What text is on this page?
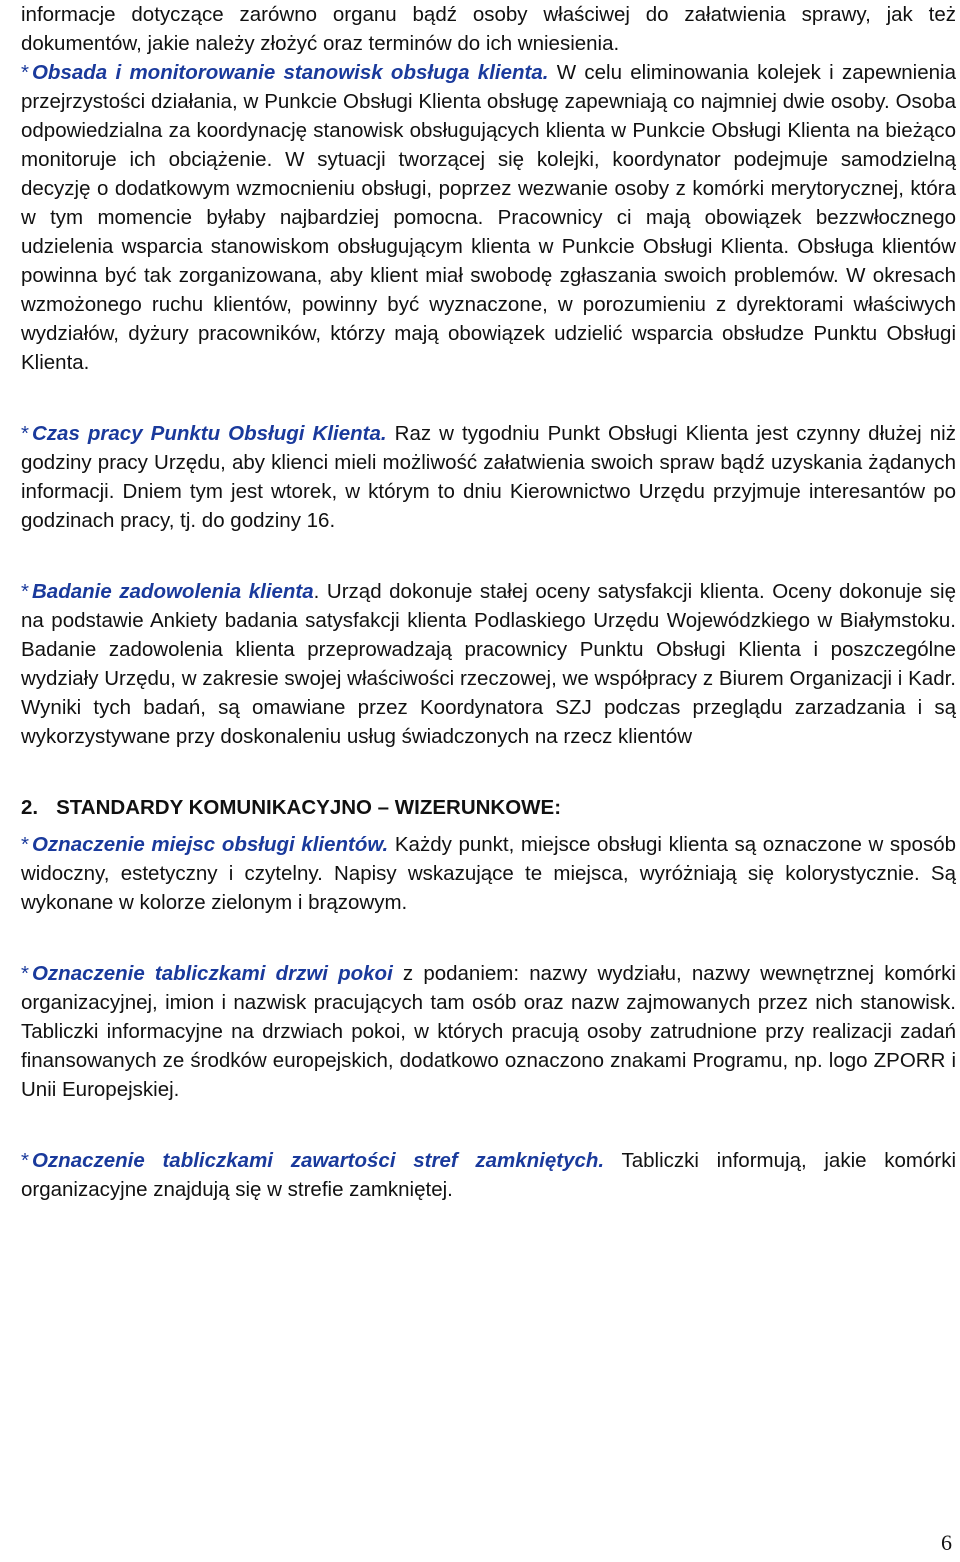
informacje dotyczące zarówno organu bądź osoby właściwej do załatwienia sprawy, jak też dokumentów, jakie należy złożyć oraz terminów do ich wniesienia.

* Obsada i monitorowanie stanowisk obsługa klienta. W celu eliminowania kolejek i zapewnienia przejrzystości działania, w Punkcie Obsługi Klienta obsługę zapewniają co najmniej dwie osoby. Osoba odpowiedzialna za koordynację stanowisk obsługujących klienta w Punkcie Obsługi Klienta na bieżąco monitoruje ich obciążenie. W sytuacji tworzącej się kolejki, koordynator podejmuje samodzielną decyzję o dodatkowym wzmocnieniu obsługi, poprzez wezwanie osoby z komórki merytorycznej, która w tym momencie byłaby najbardziej pomocna. Pracownicy ci mają obowiązek bezzwłocznego udzielenia wsparcia stanowiskom obsługującym klienta w Punkcie Obsługi Klienta. Obsługa klientów powinna być tak zorganizowana, aby klient miał swobodę zgłaszania swoich problemów. W okresach wzmożonego ruchu klientów, powinny być wyznaczone, w porozumieniu z dyrektorami właściwych wydziałów, dyżury pracowników, którzy mają obowiązek udzielić wsparcia obsłudze Punktu Obsługi Klienta.

* Czas pracy Punktu Obsługi Klienta. Raz w tygodniu Punkt Obsługi Klienta jest czynny dłużej niż godziny pracy Urzędu, aby klienci mieli możliwość załatwienia swoich spraw bądź uzyskania żądanych informacji. Dniem tym jest wtorek, w którym to dniu Kierownictwo Urzędu przyjmuje interesantów po godzinach pracy, tj. do godziny 16.

* Badanie zadowolenia klienta. Urząd dokonuje stałej oceny satysfakcji klienta. Oceny dokonuje się na podstawie Ankiety badania satysfakcji klienta Podlaskiego Urzędu Wojewódzkiego w Białymstoku. Badanie zadowolenia klienta przeprowadzają pracownicy Punktu Obsługi Klienta i poszczególne wydziały Urzędu, w zakresie swojej właściwości rzeczowej, we współpracy z Biurem Organizacji i Kadr. Wyniki tych badań, są omawiane przez Koordynatora SZJ podczas przeglądu zarzadzania i są wykorzystywane przy doskonaleniu usług świadczonych na rzecz klientów

2. STANDARDY KOMUNIKACYJNO – WIZERUNKOWE:

* Oznaczenie miejsc obsługi klientów. Każdy punkt, miejsce obsługi klienta są oznaczone w sposób widoczny, estetyczny i czytelny. Napisy wskazujące te miejsca, wyróżniają się kolorystycznie. Są wykonane w kolorze zielonym i brązowym.

* Oznaczenie tabliczkami drzwi pokoi z podaniem: nazwy wydziału, nazwy wewnętrznej komórki organizacyjnej, imion i nazwisk pracujących tam osób oraz nazw zajmowanych przez nich stanowisk. Tabliczki informacyjne na drzwiach pokoi, w których pracują osoby zatrudnione przy realizacji zadań finansowanych ze środków europejskich, dodatkowo oznaczono znakami Programu, np. logo ZPORR i Unii Europejskiej.

* Oznaczenie tabliczkami zawartości stref zamkniętych. Tabliczki informują, jakie komórki organizacyjne znajdują się w strefie zamkniętej.

6
